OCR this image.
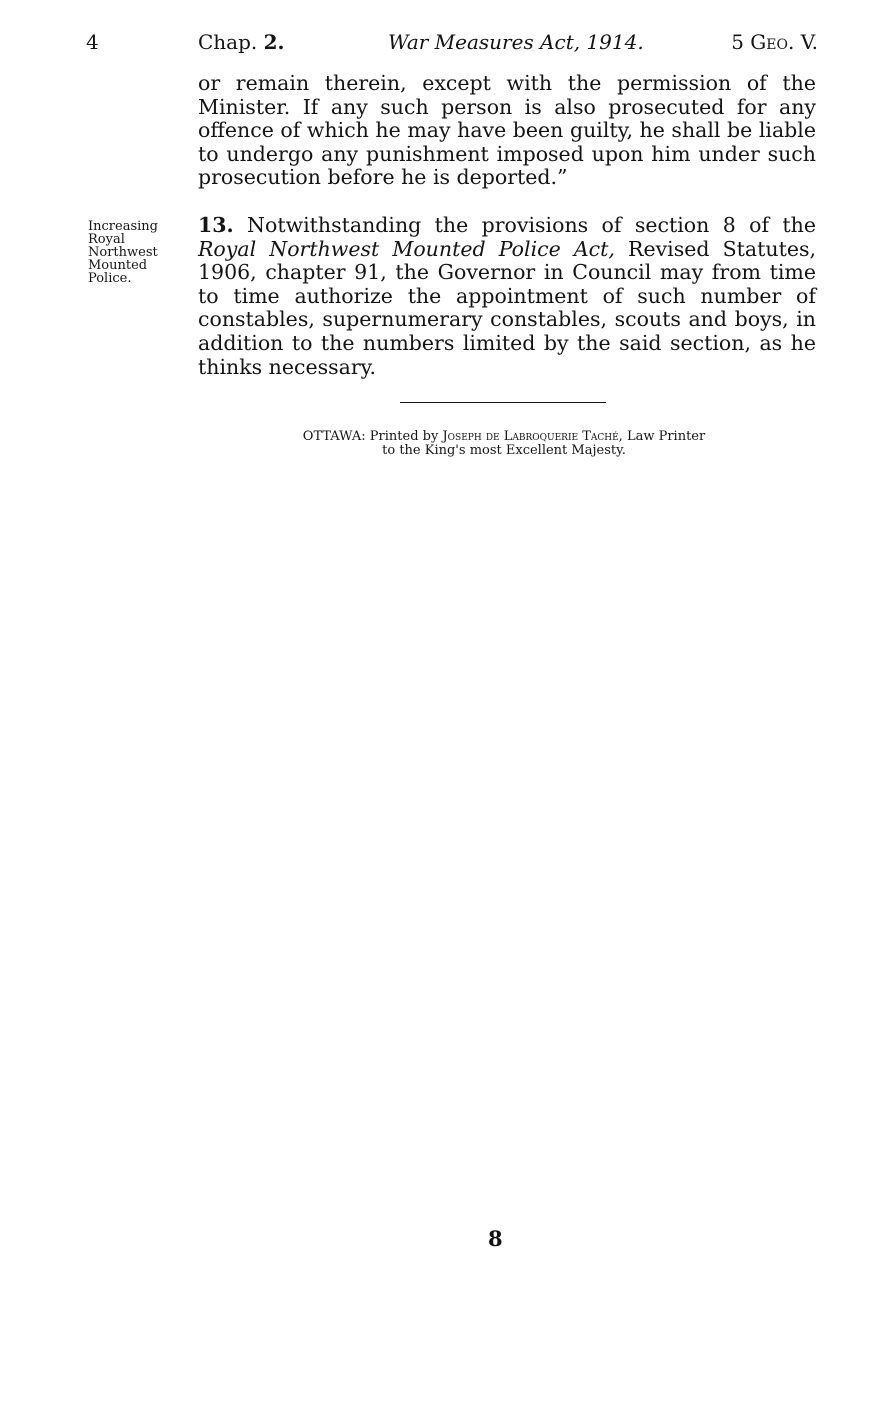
4	Chap. 2.	War Measures Act, 1914.	5 Geo. V.
or remain therein, except with the permission of the Minister. If any such person is also prosecuted for any offence of which he may have been guilty, he shall be liable to undergo any punishment imposed upon him under such prosecution before he is deported.”
Increasing
Royal
Northwest
Mounted
Police.
13. Notwithstanding the provisions of section 8 of the Royal Northwest Mounted Police Act, Revised Statutes, 1906, chapter 91, the Governor in Council may from time to time authorize the appointment of such number of constables, supernumerary constables, scouts and boys, in addition to the numbers limited by the said section, as he thinks necessary.
OTTAWA: Printed by Joseph de Labroquerie Taché, Law Printer
to the King's most Excellent Majesty.
8
